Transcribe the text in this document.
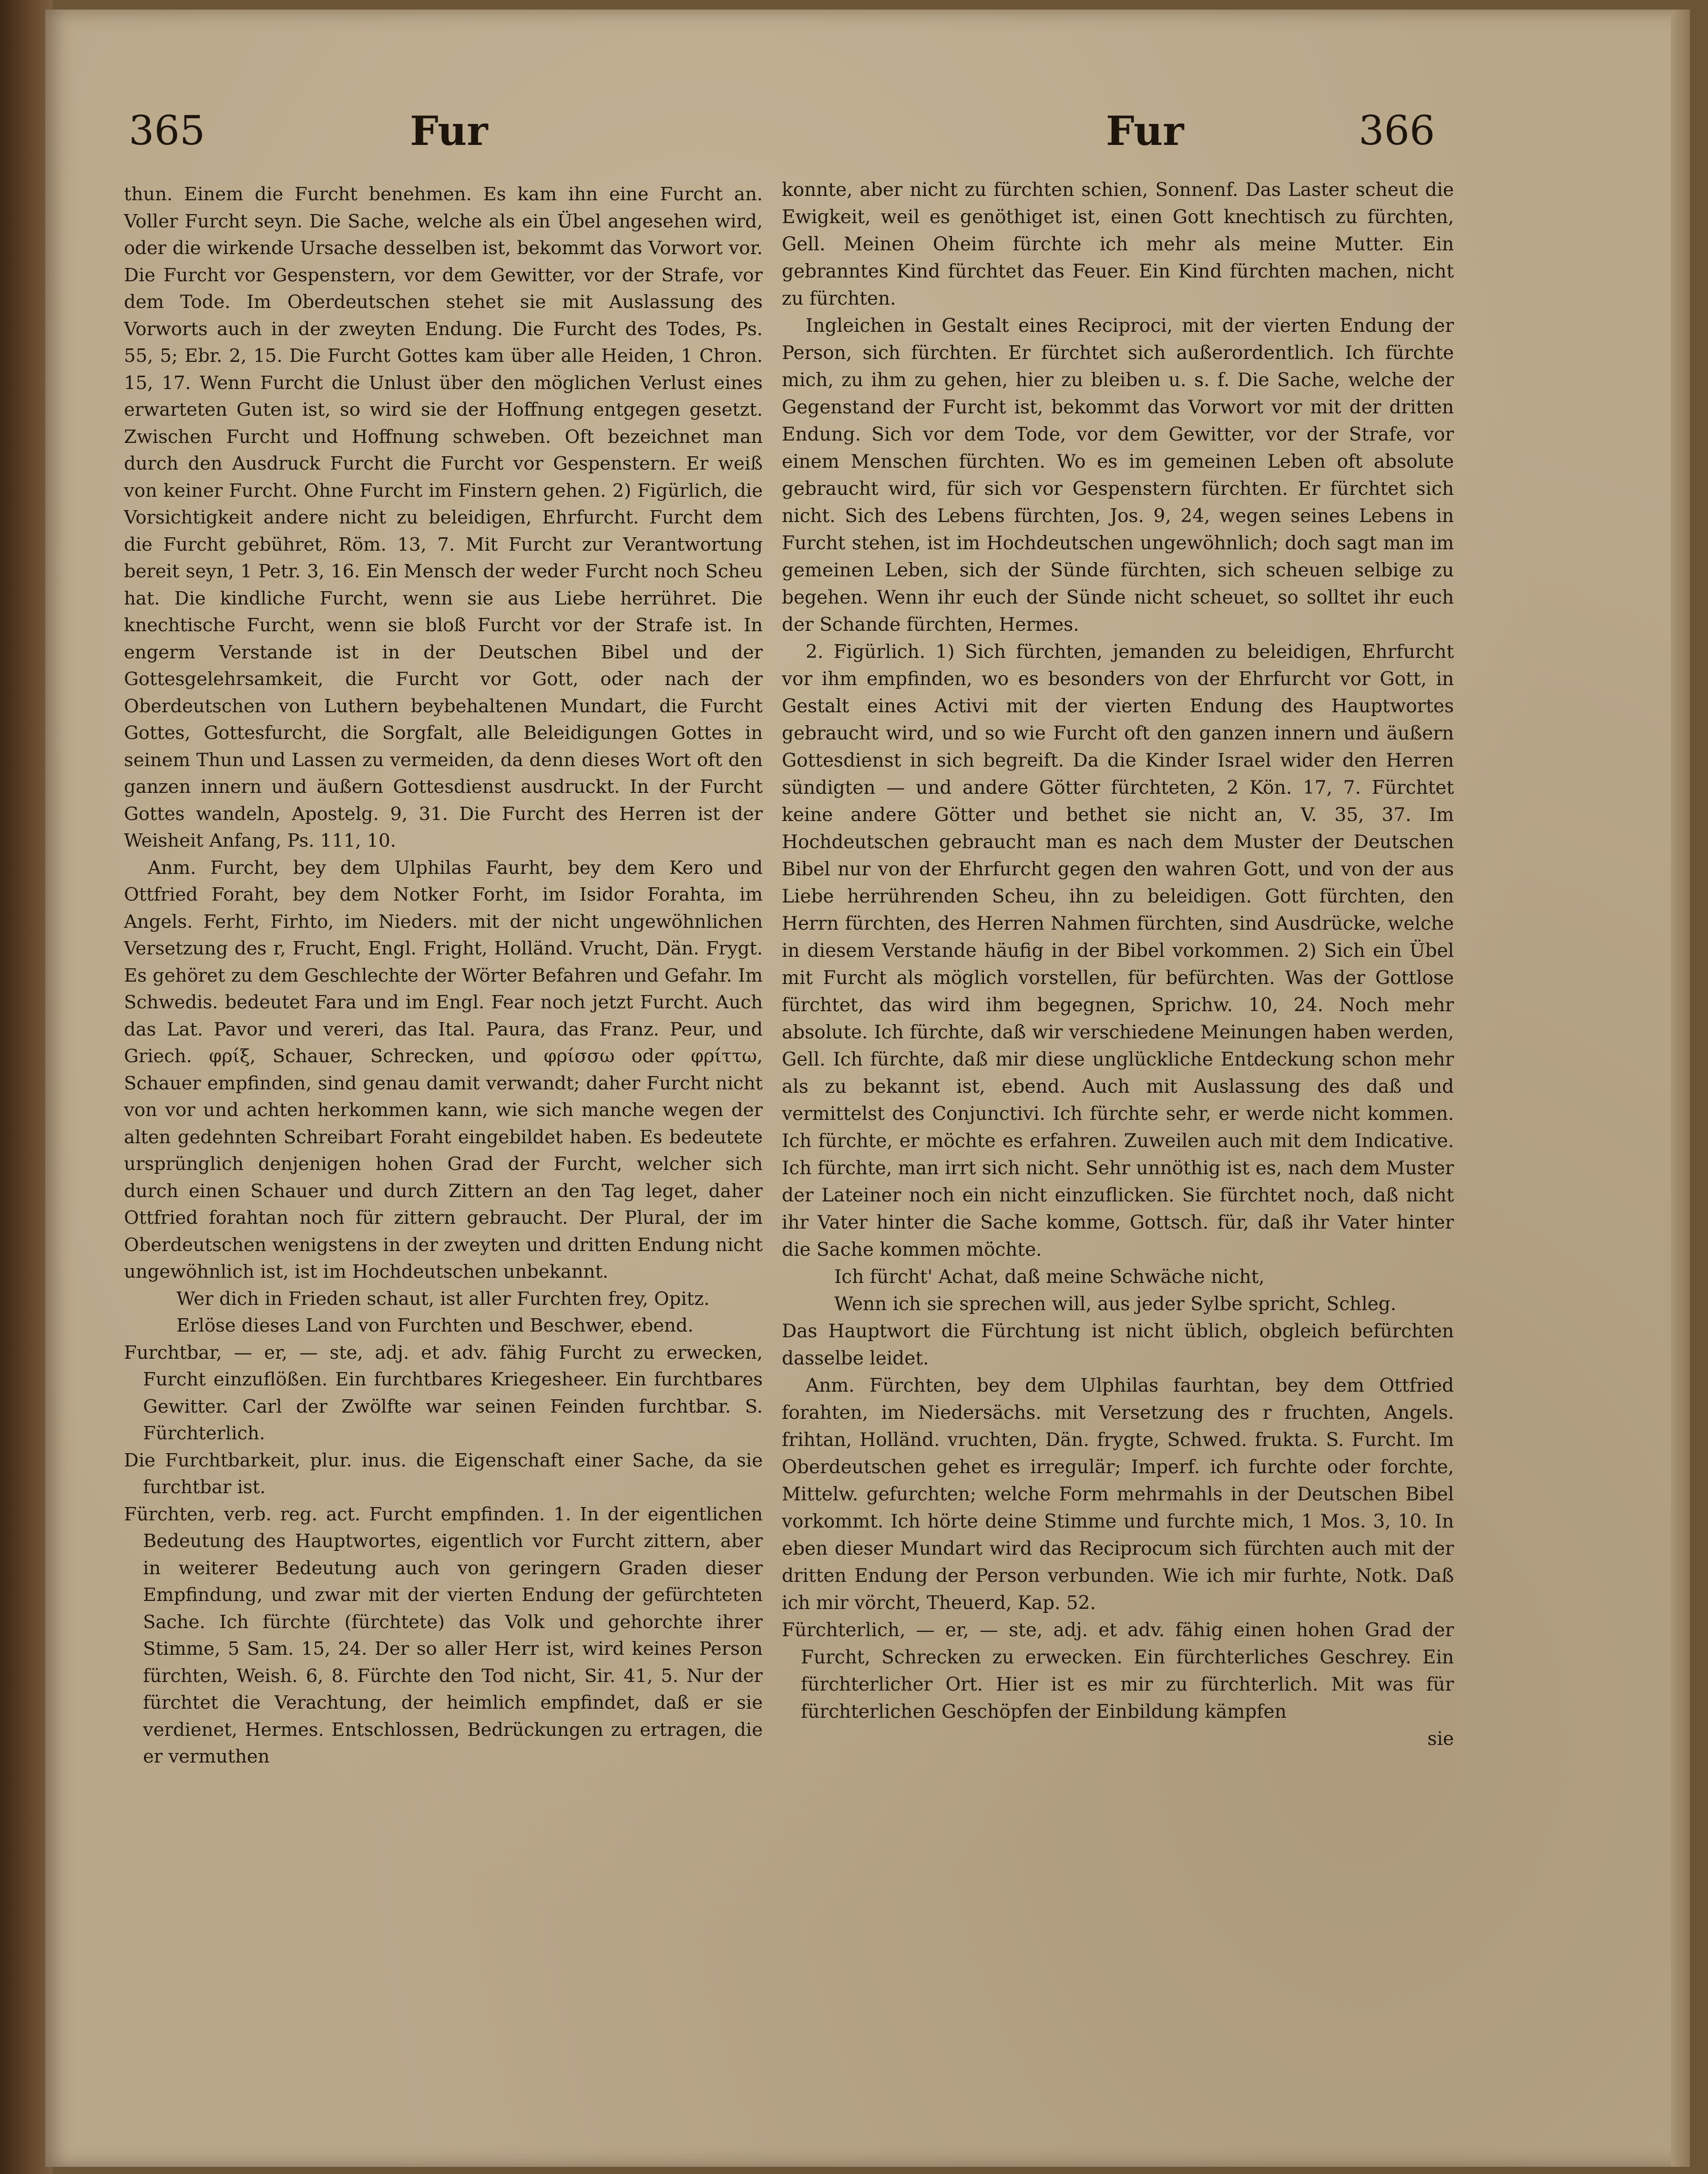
365	Fur	Fur	366

thun. Einem die Furcht benehmen. Es kam ihn eine Furcht an. Voller Furcht seyn. Die Sache, welche als ein Übel angesehen wird, oder die wirkende Ursache desselben ist, bekommt das Vorwort vor. Die Furcht vor Gespenstern, vor dem Gewitter, vor der Strafe, vor dem Tode. Im Oberdeutschen stehet sie mit Auslassung des Vorworts auch in der zweyten Endung. Die Furcht des Todes, Ps. 55, 5; Ebr. 2, 15. Die Furcht Gottes kam über alle Heiden, 1 Chron. 15, 17. Wenn Furcht die Unlust über den möglichen Verlust eines erwarteten Guten ist, so wird sie der Hoffnung entgegen gesetzt. Zwischen Furcht und Hoffnung schweben. Oft bezeichnet man durch den Ausdruck Furcht die Furcht vor Gespenstern. Er weiß von keiner Furcht. Ohne Furcht im Finstern gehen. 2) Figürlich, die Vorsichtigkeit andere nicht zu beleidigen, Ehrfurcht. Furcht dem die Furcht gebühret, Röm. 13, 7. Mit Furcht zur Verantwortung bereit seyn, 1 Petr. 3, 16. Ein Mensch der weder Furcht noch Scheu hat. Die kindliche Furcht, wenn sie aus Liebe herrühret. Die knechtische Furcht, wenn sie bloß Furcht vor der Strafe ist. In engerm Verstande ist in der Deutschen Bibel und der Gottesgelehrsamkeit, die Furcht vor Gott, oder nach der Oberdeutschen von Luthern beybehaltenen Mundart, die Furcht Gottes, Gottesfurcht, die Sorgfalt, alle Beleidigungen Gottes in seinem Thun und Lassen zu vermeiden, da denn dieses Wort oft den ganzen innern und äußern Gottesdienst ausdruckt. In der Furcht Gottes wandeln, Apostelg. 9, 31. Die Furcht des Herren ist der Weisheit Anfang, Ps. 111, 10.

Anm. Furcht, bey dem Ulphilas Faurht, bey dem Kero und Ottfried Foraht, bey dem Notker Forht, im Isidor Forahta, im Angels. Ferht, Firhto, im Nieders. mit der nicht ungewöhnlichen Versetzung des r, Frucht, Engl. Fright, Holländ. Vrucht, Dän. Frygt. Es gehöret zu dem Geschlechte der Wörter Befahren und Gefahr. Im Schwedis. bedeutet Fara und im Engl. Fear noch jetzt Furcht. Auch das Lat. Pavor und vereri, das Ital. Paura, das Franz. Peur, und Griech. φρίξ, Schauer, Schrecken, und φρίσσω oder φρίττω, Schauer empfinden, sind genau damit verwandt; daher Furcht nicht von vor und achten herkommen kann, wie sich manche wegen der alten gedehnten Schreibart Foraht eingebildet haben. Es bedeutete ursprünglich denjenigen hohen Grad der Furcht, welcher sich durch einen Schauer und durch Zittern an den Tag leget, daher Ottfried forahtan noch für zittern gebraucht. Der Plural, der im Oberdeutschen wenigstens in der zweyten und dritten Endung nicht ungewöhnlich ist, ist im Hochdeutschen unbekannt.

Wer dich in Frieden schaut, ist aller Furchten frey, Opitz.

Erlöse dieses Land von Furchten und Beschwer, ebend.

Furchtbar, — er, — ste, adj. et adv. fähig Furcht zu erwecken, Furcht einzuflößen. Ein furchtbares Kriegesheer. Ein furchtbares Gewitter. Carl der Zwölfte war seinen Feinden furchtbar. S. Fürchterlich.

Die Furchtbarkeit, plur. inus. die Eigenschaft einer Sache, da sie furchtbar ist.

Fürchten, verb. reg. act. Furcht empfinden. 1. In der eigentlichen Bedeutung des Hauptwortes, eigentlich vor Furcht zittern, aber in weiterer Bedeutung auch von geringern Graden dieser Empfindung, und zwar mit der vierten Endung der gefürchteten Sache. Ich fürchte (fürchtete) das Volk und gehorchte ihrer Stimme, 5 Sam. 15, 24. Der so aller Herr ist, wird keines Person fürchten, Weish. 6, 8. Fürchte den Tod nicht, Sir. 41, 5. Nur der fürchtet die Verachtung, der heimlich empfindet, daß er sie verdienet, Hermes. Entschlossen, Bedrückungen zu ertragen, die er vermuthen

konnte, aber nicht zu fürchten schien, Sonnenf. Das Laster scheut die Ewigkeit, weil es genöthiget ist, einen Gott knechtisch zu fürchten, Gell. Meinen Oheim fürchte ich mehr als meine Mutter. Ein gebranntes Kind fürchtet das Feuer. Ein Kind fürchten machen, nicht zu fürchten.

Ingleichen in Gestalt eines Reciproci, mit der vierten Endung der Person, sich fürchten. Er fürchtet sich außerordentlich. Ich fürchte mich, zu ihm zu gehen, hier zu bleiben u. s. f. Die Sache, welche der Gegenstand der Furcht ist, bekommt das Vorwort vor mit der dritten Endung. Sich vor dem Tode, vor dem Gewitter, vor der Strafe, vor einem Menschen fürchten. Wo es im gemeinen Leben oft absolute gebraucht wird, für sich vor Gespenstern fürchten. Er fürchtet sich nicht. Sich des Lebens fürchten, Jos. 9, 24, wegen seines Lebens in Furcht stehen, ist im Hochdeutschen ungewöhnlich; doch sagt man im gemeinen Leben, sich der Sünde fürchten, sich scheuen selbige zu begehen. Wenn ihr euch der Sünde nicht scheuet, so solltet ihr euch der Schande fürchten, Hermes.

2. Figürlich. 1) Sich fürchten, jemanden zu beleidigen, Ehrfurcht vor ihm empfinden, wo es besonders von der Ehrfurcht vor Gott, in Gestalt eines Activi mit der vierten Endung des Hauptwortes gebraucht wird, und so wie Furcht oft den ganzen innern und äußern Gottesdienst in sich begreift. Da die Kinder Israel wider den Herren sündigten — und andere Götter fürchteten, 2 Kön. 17, 7. Fürchtet keine andere Götter und bethet sie nicht an, V. 35, 37. Im Hochdeutschen gebraucht man es nach dem Muster der Deutschen Bibel nur von der Ehrfurcht gegen den wahren Gott, und von der aus Liebe herrührenden Scheu, ihn zu beleidigen. Gott fürchten, den Herrn fürchten, des Herren Nahmen fürchten, sind Ausdrücke, welche in diesem Verstande häufig in der Bibel vorkommen. 2) Sich ein Übel mit Furcht als möglich vorstellen, für befürchten. Was der Gottlose fürchtet, das wird ihm begegnen, Sprichw. 10, 24. Noch mehr absolute. Ich fürchte, daß wir verschiedene Meinungen haben werden, Gell. Ich fürchte, daß mir diese unglückliche Entdeckung schon mehr als zu bekannt ist, ebend. Auch mit Auslassung des daß und vermittelst des Conjunctivi. Ich fürchte sehr, er werde nicht kommen. Ich fürchte, er möchte es erfahren. Zuweilen auch mit dem Indicative. Ich fürchte, man irrt sich nicht. Sehr unnöthig ist es, nach dem Muster der Lateiner noch ein nicht einzuflicken. Sie fürchtet noch, daß nicht ihr Vater hinter die Sache komme, Gottsch. für, daß ihr Vater hinter die Sache kommen möchte.

Ich fürcht' Achat, daß meine Schwäche nicht,

Wenn ich sie sprechen will, aus jeder Sylbe spricht, Schleg.

Das Hauptwort die Fürchtung ist nicht üblich, obgleich befürchten dasselbe leidet.

Anm. Fürchten, bey dem Ulphilas faurhtan, bey dem Ottfried forahten, im Niedersächs. mit Versetzung des r fruchten, Angels. frihtan, Holländ. vruchten, Dän. frygte, Schwed. frukta. S. Furcht. Im Oberdeutschen gehet es irregulär; Imperf. ich furchte oder forchte, Mittelw. gefurchten; welche Form mehrmahls in der Deutschen Bibel vorkommt. Ich hörte deine Stimme und furchte mich, 1 Mos. 3, 10. In eben dieser Mundart wird das Reciprocum sich fürchten auch mit der dritten Endung der Person verbunden. Wie ich mir furhte, Notk. Daß ich mir vörcht, Theuerd, Kap. 52.

Fürchterlich, — er, — ste, adj. et adv. fähig einen hohen Grad der Furcht, Schrecken zu erwecken. Ein fürchterliches Geschrey. Ein fürchterlicher Ort. Hier ist es mir zu fürchterlich. Mit was für fürchterlichen Geschöpfen der Einbildung kämpfen

sie
